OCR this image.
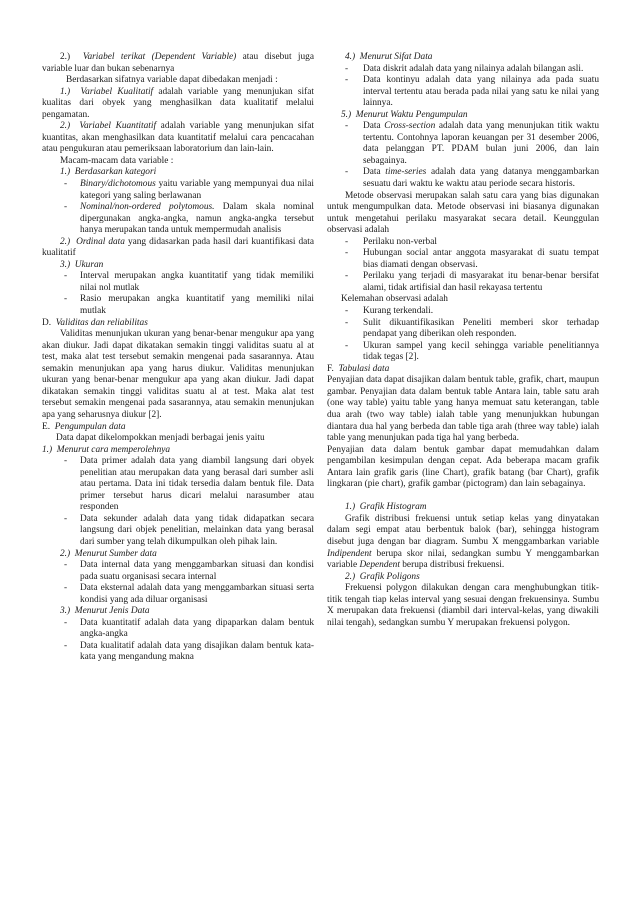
2.)  Variabel terikat (Dependent Variable) atau disebut juga variable luar dan bukan sebenarnya

Berdasarkan sifatnya variable dapat dibedakan menjadi :

1.)  Variabel Kualitatif adalah variable yang menunjukan sifat kualitas dari obyek yang menghasilkan data kualitatif melalui pengamatan.

2.)  Variabel Kuantitatif adalah variable yang menunjukan sifat kuantitas, akan menghasilkan data kuantitatif melalui cara pencacahan atau pengukuran atau pemeriksaan laboratorium dan lain-lain.

Macam-macam data variable :

1.)  Berdasarkan kategori

- Binary/dichotomous yaitu variable yang mempunyai dua nilai kategori yang saling berlawanan

- Nominal/non-ordered polytomous. Dalam skala nominal dipergunakan angka-angka, namun angka-angka tersebut hanya merupakan tanda untuk mempermudah analisis

2.)  Ordinal data yang didasarkan pada hasil dari kuantifikasi data kualitatif

3.)  Ukuran

- Interval merupakan angka kuantitatif yang tidak memiliki nilai nol mutlak

- Rasio merupakan angka kuantitatif yang memiliki nilai mutlak

D.  Validitas dan reliabilitas

Validitas menunjukan ukuran yang benar-benar mengukur apa yang akan diukur. Jadi dapat dikatakan semakin tinggi validitas suatu al at test, maka alat test tersebut semakin mengenai pada sasarannya. Atau semakin menunjukan apa yang harus diukur. Validitas menunjukan ukuran yang benar-benar mengukur apa yang akan diukur. Jadi dapat dikatakan semakin tinggi validitas suatu al at test. Maka alat test tersebut semakin mengenai pada sasarannya, atau semakin menunjukan apa yang seharusnya diukur [2].

E.  Pengumpulan data

Data dapat dikelompokkan menjadi berbagai jenis yaitu

1.)  Menurut cara memperolehnya

- Data primer adalah data yang diambil langsung dari obyek penelitian atau merupakan data yang berasal dari sumber asli atau pertama. Data ini tidak tersedia dalam bentuk file. Data primer tersebut harus dicari melalui narasumber atau responden

- Data sekunder adalah data yang tidak didapatkan secara langsung dari objek penelitian, melainkan data yang berasal dari sumber yang telah dikumpulkan oleh pihak lain.

2.)  Menurut Sumber data

- Data internal data yang menggambarkan situasi dan kondisi pada suatu organisasi secara internal

- Data eksternal adalah data yang menggambarkan situasi serta kondisi yang ada diluar organisasi

3.)  Menurut Jenis Data

- Data kuantitatif adalah data yang dipaparkan dalam bentuk angka-angka

- Data kualitatif adalah data yang disajikan dalam bentuk kata-kata yang mengandung makna

4.)  Menurut Sifat Data

- Data diskrit adalah data yang nilainya adalah bilangan asli.

- Data kontinyu adalah data yang nilainya ada pada suatu interval tertentu atau berada pada nilai yang satu ke nilai yang lainnya.

5.)  Menurut Waktu Pengumpulan

- Data Cross-section adalah data yang menunjukan titik waktu tertentu. Contohnya laporan keuangan per 31 desember 2006, data pelanggan PT. PDAM bulan juni 2006, dan lain sebagainya.

- Data time-series adalah data yang datanya menggambarkan sesuatu dari waktu ke waktu atau periode secara historis.

Metode observasi merupakan salah satu cara yang bias digunakan untuk mengumpulkan data. Metode observasi ini biasanya digunakan untuk mengetahui perilaku masyarakat secara detail. Keunggulan observasi adalah

- Perilaku non-verbal

- Hubungan social antar anggota masyarakat di suatu tempat bias diamati dengan observasi.

- Perilaku yang terjadi di masyarakat itu benar-benar bersifat alami, tidak artifisial dan hasil rekayasa tertentu

Kelemahan observasi adalah

- Kurang terkendali.

- Sulit dikuantifikasikan Peneliti memberi skor terhadap pendapat yang diberikan oleh responden.

- Ukuran sampel yang kecil sehingga variable penelitiannya tidak tegas [2].

F.  Tabulasi data

Penyajian data dapat disajikan dalam bentuk table, grafik, chart, maupun gambar. Penyajian data dalam bentuk table Antara lain, table satu arah (one way table) yaitu table yang hanya memuat satu keterangan, table dua arah (two way table) ialah table yang menunjukkan hubungan diantara dua hal yang berbeda dan table tiga arah (three way table) ialah table yang menunjukan pada tiga hal yang berbeda.

Penyajian data dalam bentuk gambar dapat memudahkan dalam pengambilan kesimpulan dengan cepat. Ada beberapa macam grafik Antara lain grafik garis (line Chart), grafik batang (bar Chart), grafik lingkaran (pie chart), grafik gambar (pictogram) dan lain sebagainya.

1.)  Grafik Histogram

Grafik distribusi frekuensi untuk setiap kelas yang dinyatakan dalam segi empat atau berbentuk balok (bar), sehingga histogram disebut juga dengan bar diagram. Sumbu X menggambarkan variable Indipendent berupa skor nilai, sedangkan sumbu Y menggambarkan variable Dependent berupa distribusi frekuensi.

2.)  Grafik Poligons

Frekuensi polygon dilakukan dengan cara menghubungkan titik-titik tengah tiap kelas interval yang sesuai dengan frekuensinya. Sumbu X merupakan data frekuensi (diambil dari interval-kelas, yang diwakili nilai tengah), sedangkan sumbu Y merupakan frekuensi polygon.
